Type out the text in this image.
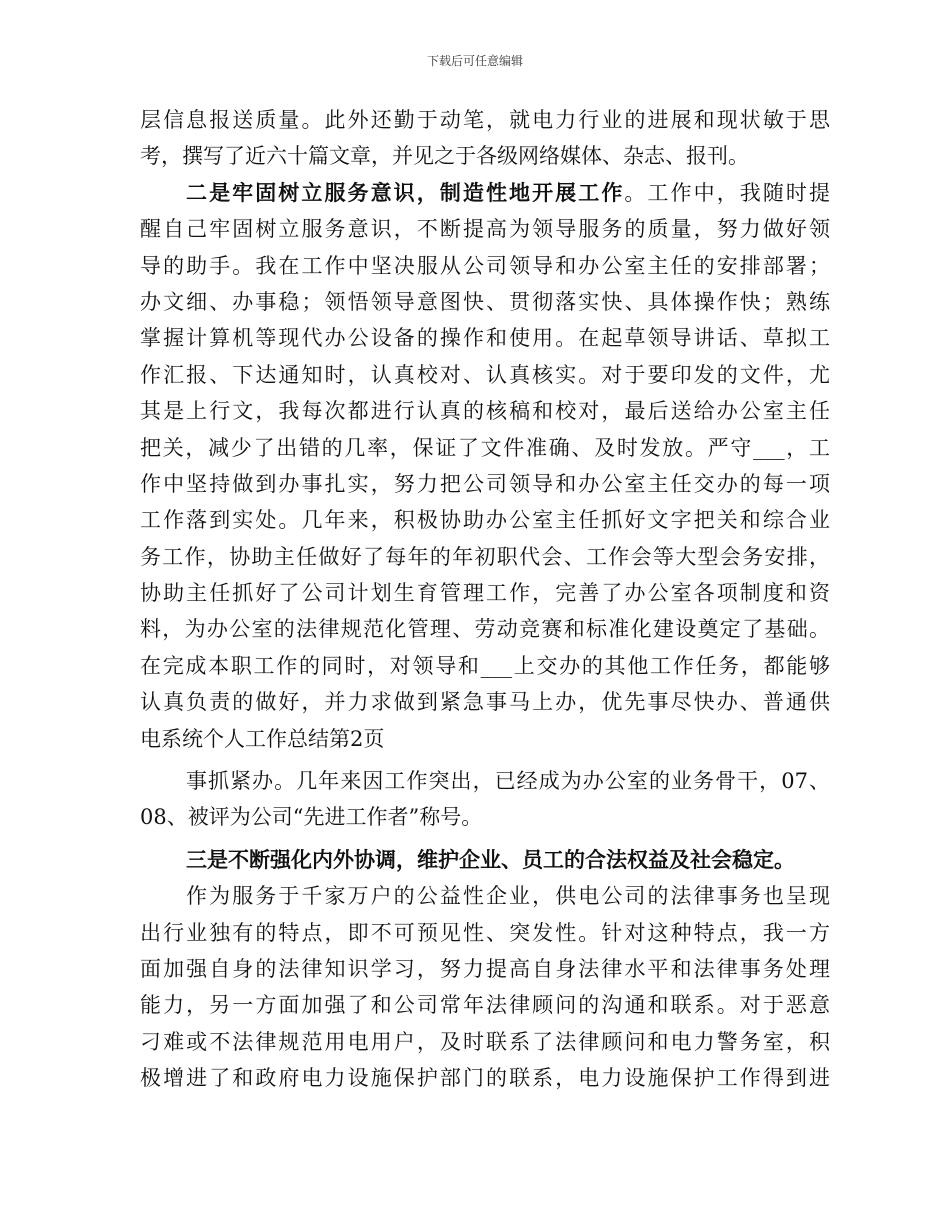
下载后可任意编辑
层信息报送质量。此外还勤于动笔，就电力行业的进展和现状敏于思
考，撰写了近六十篇文章，并见之于各级网络媒体、杂志、报刊。
二是牢固树立服务意识，制造性地开展工作。工作中，我随时提
醒自己牢固树立服务意识，不断提高为领导服务的质量，努力做好领
导的助手。我在工作中坚决服从公司领导和办公室主任的安排部署；
办文细、办事稳；领悟领导意图快、贯彻落实快、具体操作快；熟练
掌握计算机等现代办公设备的操作和使用。在起草领导讲话、草拟工
作汇报、下达通知时，认真校对、认真核实。对于要印发的文件，尤
其是上行文，我每次都进行认真的核稿和校对，最后送给办公室主任
把关，减少了出错的几率，保证了文件准确、及时发放。严守___，工
作中坚持做到办事扎实，努力把公司领导和办公室主任交办的每一项
工作落到实处。几年来，积极协助办公室主任抓好文字把关和综合业
务工作，协助主任做好了每年的年初职代会、工作会等大型会务安排，
协助主任抓好了公司计划生育管理工作，完善了办公室各项制度和资
料，为办公室的法律规范化管理、劳动竞赛和标准化建设奠定了基础。
在完成本职工作的同时，对领导和___上交办的其他工作任务，都能够
认真负责的做好，并力求做到紧急事马上办，优先事尽快办、普通供
电系统个人工作总结第2页
事抓紧办。几年来因工作突出，已经成为办公室的业务骨干，07、
08、被评为公司“先进工作者”称号。
三是不断强化内外协调，维护企业、员工的合法权益及社会稳定。
作为服务于千家万户的公益性企业，供电公司的法律事务也呈现
出行业独有的特点，即不可预见性、突发性。针对这种特点，我一方
面加强自身的法律知识学习，努力提高自身法律水平和法律事务处理
能力，另一方面加强了和公司常年法律顾问的沟通和联系。对于恶意
刁难或不法律规范用电用户，及时联系了法律顾问和电力警务室，积
极增进了和政府电力设施保护部门的联系，电力设施保护工作得到进
